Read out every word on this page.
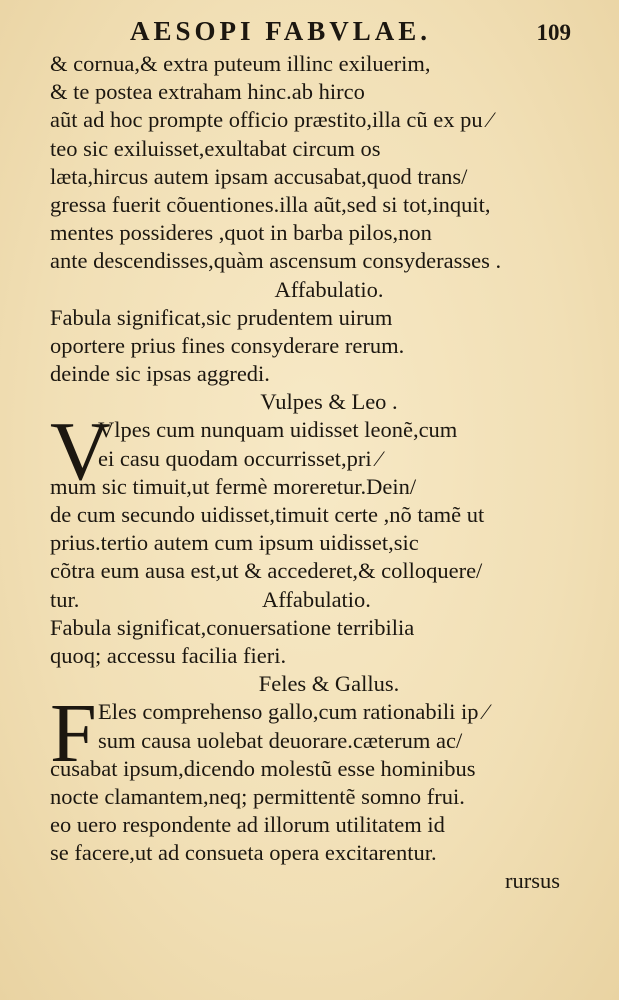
AESOPI FABVLAE.	109
& cornua,& extra puteum illinc exiluerim,
& te postea extraham hinc.ab hirco
aũt ad hoc prompte officio præstito,illa cũ ex pu ⁄
teo sic exiluisset,exultabat circum os
læta,hircus autem ipsam accusabat,quod trans/
gressa fuerit cõuentiones.illa aũt,sed si tot,inquit,
mentes possideres ,quot in barba pilos,non
ante descendisses,quàm ascensum consyderasses .
Affabulatio.
Fabula significat,sic prudentem uirum
oportere prius fines consyderare rerum.
deinde sic ipsas aggredi.
Vulpes & Leo .
V
Vlpes cum nunquam uidisset leonẽ,cum
ei casu quodam occurrisset,pri ⁄
mum sic timuit,ut fermè moreretur.Dein/
de cum secundo uidisset,timuit certe ,nõ tamẽ ut
prius.tertio autem cum ipsum uidisset,sic
cõtra eum ausa est,ut & accederet,& colloquere/
tur.	Affabulatio.
Fabula significat,conuersatione terribilia
quoq; accessu facilia fieri.
Feles & Gallus.
F Eles comprehenso gallo,cum rationabili ip ⁄
sum causa uolebat deuorare.cæterum ac/
cusabat ipsum,dicendo molestũ esse hominibus
nocte clamantem,neq; permittentẽ somno frui.
eo uero respondente ad illorum utilitatem id
se facere,ut ad consueta opera excitarentur.
rursus
